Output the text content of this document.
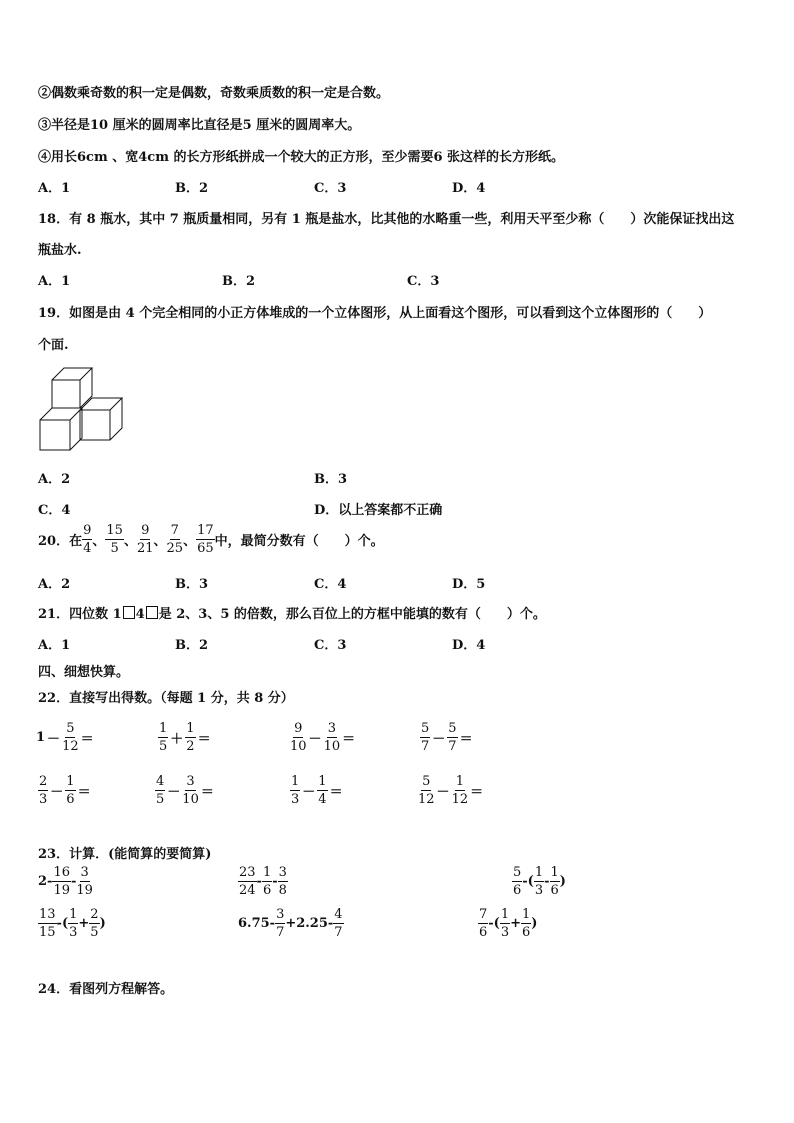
②偶数乘奇数的积一定是偶数，奇数乘质数的积一定是合数。
③半径是10 厘米的圆周率比直径是5 厘米的圆周率大。
④用长6cm 、宽4cm 的长方形纸拼成一个较大的正方形，至少需要6 张这样的长方形纸。
A．1	B．2	C．3	D．4
18．有 8 瓶水，其中 7 瓶质量相同，另有 1 瓶是盐水，比其他的水略重一些，利用天平至少称（　　）次能保证找出这
瓶盐水.
A．1	B．2	C．3
19．如图是由 4 个完全相同的小正方体堆成的一个立体图形，从上面看这个图形，可以看到这个立体图形的（　　）
个面.
A．2	B．3
C．4	D．以上答案都不正确
20．在 $\frac{9}{4}$ 、 $\frac{15}{5}$ 、 $\frac{9}{21}$ 、 $\frac{7}{25}$ 、 $\frac{17}{65}$ 中，最简分数有（　　）个。
A．2	B．3	C．4	D．5
21．四位数 1 4 是 2、3、5 的倍数，那么百位上的方框中能填的数有（　　）个。
A．1	B．2	C．3	D．4
四、细想快算。
22．直接写出得数。（每题 1 分，共 8 分）
$1 - \frac{5}{12}$ ＝	$\frac{1}{5} + \frac{1}{2}$ ＝	$\frac{9}{10} - \frac{3}{10}$ ＝	$\frac{5}{7} - \frac{5}{7}$ ＝
$\frac{2}{3} - \frac{1}{6}$ ＝	$\frac{4}{5} - \frac{3}{10}$ ＝	$\frac{1}{3} - \frac{1}{4}$ ＝	$\frac{5}{12} - \frac{1}{12}$ ＝
23．计算．(能简算的要简算)
$2- \frac{16}{19} - \frac{3}{19}$	$\frac{23}{24} - \frac{1}{6} - \frac{3}{8}$	$\frac{5}{6}$ -( $\frac{1}{3} - \frac{1}{6}$ )
$\frac{13}{15}$ -( $\frac{1}{3} + \frac{2}{5}$ )	$6.75- \frac{3}{7} +2.25- \frac{4}{7}$	$\frac{7}{6}$ -( $\frac{1}{3} + \frac{1}{6}$ )
24．看图列方程解答。
